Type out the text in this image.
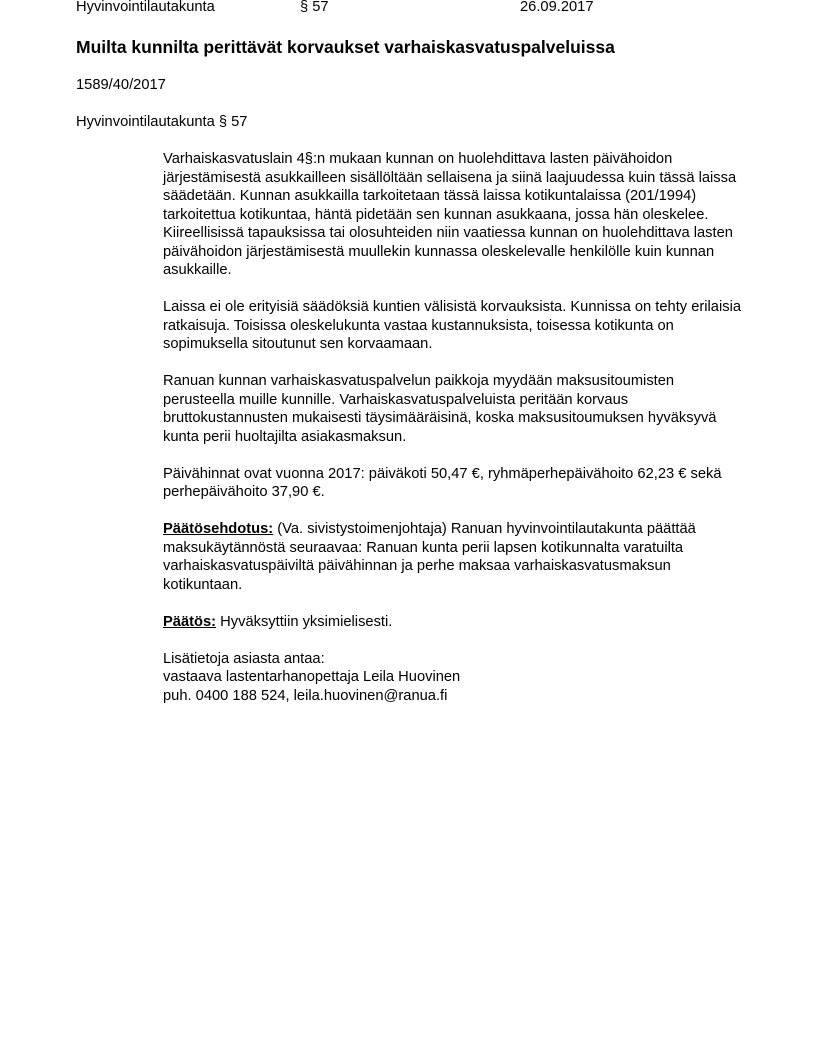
Hyvinvointilautakunta	§ 57	26.09.2017
Muilta kunnilta perittävät korvaukset varhaiskasvatuspalveluissa

1589/40/2017

Hyvinvointilautakunta § 57

Varhaiskasvatuslain 4§:n mukaan kunnan on huolehdittava lasten päivähoidon järjestämisestä asukkailleen sisällöltään sellaisena ja siinä laajuudessa kuin tässä laissa säädetään. Kunnan asukkailla tarkoitetaan tässä laissa kotikuntalaissa (201/1994) tarkoitettua kotikuntaa, häntä pidetään sen kunnan asukkaana, jossa hän oleskelee. Kiireellisissä tapauksissa tai olosuhteiden niin vaatiessa kunnan on huolehdittava lasten päivähoidon järjestämisestä muullekin kunnassa oleskelevalle henkilölle kuin kunnan asukkaille.

Laissa ei ole erityisiä säädöksiä kuntien välisistä korvauksista. Kunnissa on tehty erilaisia ratkaisuja. Toisissa oleskelukunta vastaa kustannuksista, toisessa kotikunta on sopimuksella sitoutunut sen korvaamaan.

Ranuan kunnan varhaiskasvatuspalvelun paikkoja myydään maksusitoumisten perusteella muille kunnille. Varhaiskasvatuspalveluista peritään korvaus bruttokustannusten mukaisesti täysimääräisinä, koska maksusitoumuksen hyväksyvä kunta perii huoltajilta asiakasmaksun.

Päivähinnat ovat vuonna 2017: päiväkoti 50,47 €, ryhmäperhepäivähoito 62,23 € sekä perhepäivähoito 37,90 €.

Päätösehdotus: (Va. sivistystoimenjohtaja) Ranuan hyvinvointilautakunta päättää maksukäytännöstä seuraavaa: Ranuan kunta perii lapsen kotikunnalta varatuilta varhaiskasvatuspäiviltä päivähinnan ja perhe maksaa varhaiskasvatusmaksun kotikuntaan.

Päätös: Hyväksyttiin yksimielisesti.

Lisätietoja asiasta antaa:

vastaava lastentarhanopettaja Leila Huovinen

puh. 0400 188 524, leila.huovinen@ranua.fi
